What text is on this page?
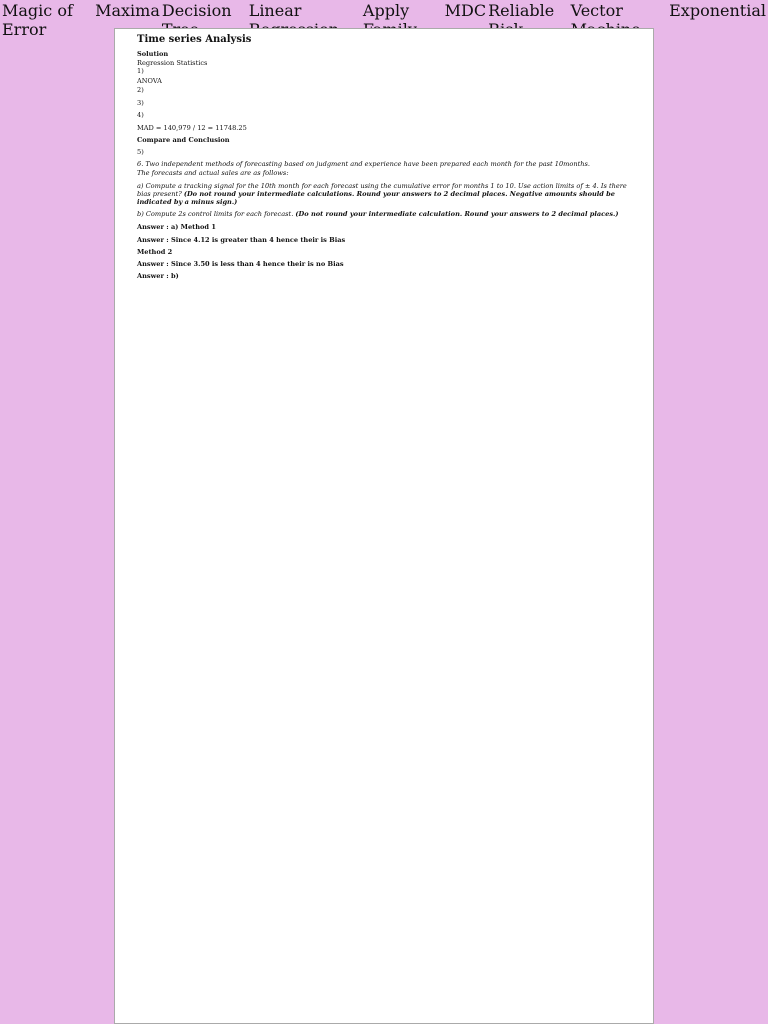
Magic of Error
Maxima Decision	Linear	Apply	MDC Reliable	Vector	Exponential
Time series Analysis

Solution

Regression Statistics

1)

ANOVA

2)

3)

4)

MAD = 140,979 / 12 = 11748.25

Compare and Conclusion

5)

6. Two independent methods of forecasting based on judgment and experience have been prepared each month for the past 10months.

The forecasts and actual sales are as follows:

a) Compute a tracking signal for the 10th month for each forecast using the cumulative error for months 1 to 10. Use action limits of ± 4. Is there bias present? (Do not round your intermediate calculations. Round your answers to 2 decimal places. Negative amounts should be indicated by a minus sign.)

b) Compute 2s control limits for each forecast. (Do not round your intermediate calculation. Round your answers to 2 decimal places.)

Answer : a) Method 1

Answer : Since 4.12 is greater than 4 hence their is Bias

Method 2

Answer : Since 3.50 is less than 4 hence their is no Bias

Answer : b)
